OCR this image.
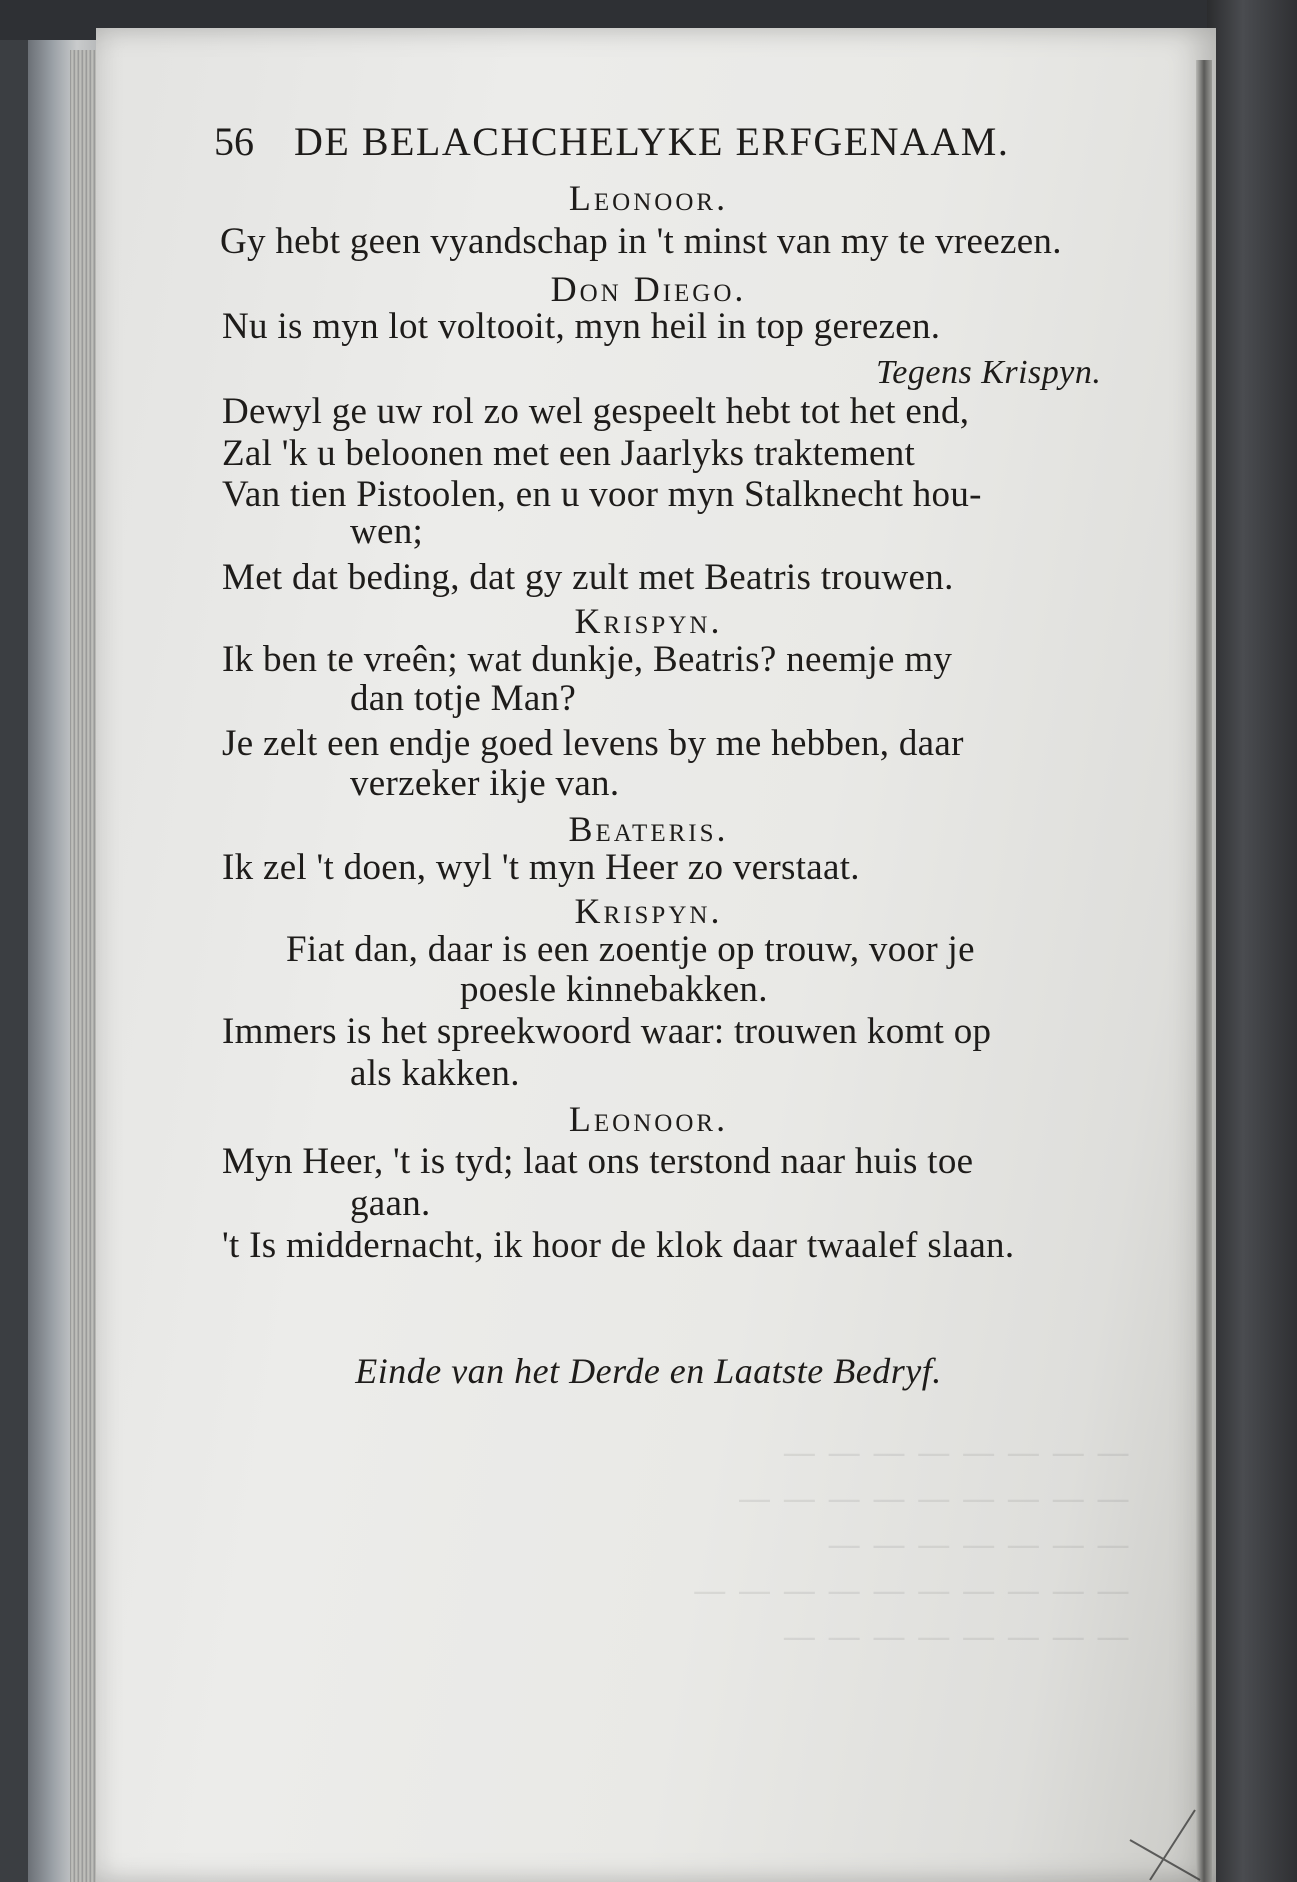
— — — — — — — —
— — — — — — — — —
— — — — — — —
— — — — — — — — — —
— — — — — — — —
56 DE BELACHCHELYKE ERFGENAAM.
Leonoor.
Gy hebt geen vyandschap in 't minst van my te vreezen.
Don Diego.
Nu is myn lot voltooit, myn heil in top gerezen.
Tegens Krispyn.
Dewyl ge uw rol zo wel gespeelt hebt tot het end,
Zal 'k u beloonen met een Jaarlyks traktement
Van tien Pistoolen, en u voor myn Stalknecht hou-
wen;
Met dat beding, dat gy zult met Beatris trouwen.
Krispyn.
Ik ben te vreên; wat dunkje, Beatris? neemje my
dan totje Man?
Je zelt een endje goed levens by me hebben, daar
verzeker ikje van.
Beateris.
Ik zel 't doen, wyl 't myn Heer zo verstaat.
Krispyn.
Fiat dan, daar is een zoentje op trouw, voor je
poesle kinnebakken.
Immers is het spreekwoord waar: trouwen komt op
als kakken.
Leonoor.
Myn Heer, 't is tyd; laat ons terstond naar huis toe
gaan.
't Is middernacht, ik hoor de klok daar twaalef slaan.
Einde van het Derde en Laatste Bedryf.
